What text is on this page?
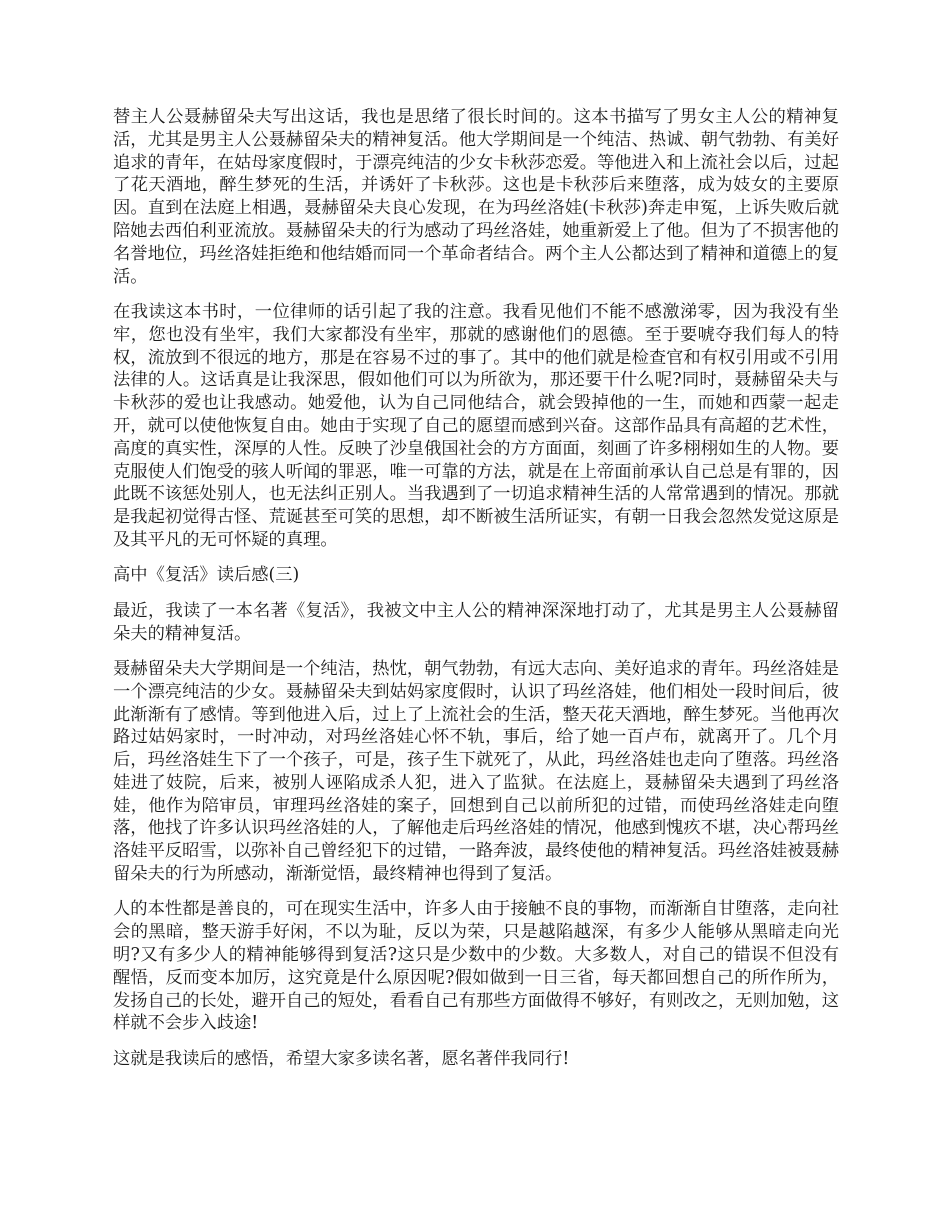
替主人公聂赫留朵夫写出这话，我也是思绪了很长时间的。这本书描写了男女主人公的精神复活，尤其是男主人公聂赫留朵夫的精神复活。他大学期间是一个纯洁、热诚、朝气勃勃、有美好追求的青年，在姑母家度假时，于漂亮纯洁的少女卡秋莎恋爱。等他进入和上流社会以后，过起了花天酒地，醉生梦死的生活，并诱奸了卡秋莎。这也是卡秋莎后来堕落，成为妓女的主要原因。直到在法庭上相遇，聂赫留朵夫良心发现，在为玛丝洛娃(卡秋莎)奔走申冤，上诉失败后就陪她去西伯利亚流放。聂赫留朵夫的行为感动了玛丝洛娃，她重新爱上了他。但为了不损害他的名誉地位，玛丝洛娃拒绝和他结婚而同一个革命者结合。两个主人公都达到了精神和道德上的复活。

在我读这本书时，一位律师的话引起了我的注意。我看见他们不能不感激涕零，因为我没有坐牢，您也没有坐牢，我们大家都没有坐牢，那就的感谢他们的恩德。至于要唬夺我们每人的特权，流放到不很远的地方，那是在容易不过的事了。其中的他们就是检查官和有权引用或不引用法律的人。这话真是让我深思，假如他们可以为所欲为，那还要干什么呢?同时，聂赫留朵夫与卡秋莎的爱也让我感动。她爱他，认为自己同他结合，就会毁掉他的一生，而她和西蒙一起走开，就可以使他恢复自由。她由于实现了自己的愿望而感到兴奋。这部作品具有高超的艺术性，高度的真实性，深厚的人性。反映了沙皇俄国社会的方方面面，刻画了许多栩栩如生的人物。要克服使人们饱受的骇人听闻的罪恶，唯一可靠的方法，就是在上帝面前承认自己总是有罪的，因此既不该惩处别人，也无法纠正别人。当我遇到了一切追求精神生活的人常常遇到的情况。那就是我起初觉得古怪、荒诞甚至可笑的思想，却不断被生活所证实，有朝一日我会忽然发觉这原是及其平凡的无可怀疑的真理。

高中《复活》读后感(三)

最近，我读了一本名著《复活》，我被文中主人公的精神深深地打动了，尤其是男主人公聂赫留朵夫的精神复活。

聂赫留朵夫大学期间是一个纯洁，热忱，朝气勃勃，有远大志向、美好追求的青年。玛丝洛娃是一个漂亮纯洁的少女。聂赫留朵夫到姑妈家度假时，认识了玛丝洛娃，他们相处一段时间后，彼此渐渐有了感情。等到他进入后，过上了上流社会的生活，整天花天酒地，醉生梦死。当他再次路过姑妈家时，一时冲动，对玛丝洛娃心怀不轨，事后，给了她一百卢布，就离开了。几个月后，玛丝洛娃生下了一个孩子，可是，孩子生下就死了，从此，玛丝洛娃也走向了堕落。玛丝洛娃进了妓院，后来，被别人诬陷成杀人犯，进入了监狱。在法庭上，聂赫留朵夫遇到了玛丝洛娃，他作为陪审员，审理玛丝洛娃的案子，回想到自己以前所犯的过错，而使玛丝洛娃走向堕落，他找了许多认识玛丝洛娃的人，了解他走后玛丝洛娃的情况，他感到愧疚不堪，决心帮玛丝洛娃平反昭雪，以弥补自己曾经犯下的过错，一路奔波，最终使他的精神复活。玛丝洛娃被聂赫留朵夫的行为所感动，渐渐觉悟，最终精神也得到了复活。

人的本性都是善良的，可在现实生活中，许多人由于接触不良的事物，而渐渐自甘堕落，走向社会的黑暗，整天游手好闲，不以为耻，反以为荣，只是越陷越深，有多少人能够从黑暗走向光明?又有多少人的精神能够得到复活?这只是少数中的少数。大多数人，对自己的错误不但没有醒悟，反而变本加厉，这究竟是什么原因呢?假如做到一日三省，每天都回想自己的所作所为，发扬自己的长处，避开自己的短处，看看自己有那些方面做得不够好，有则改之，无则加勉，这样就不会步入歧途!

这就是我读后的感悟，希望大家多读名著，愿名著伴我同行!
